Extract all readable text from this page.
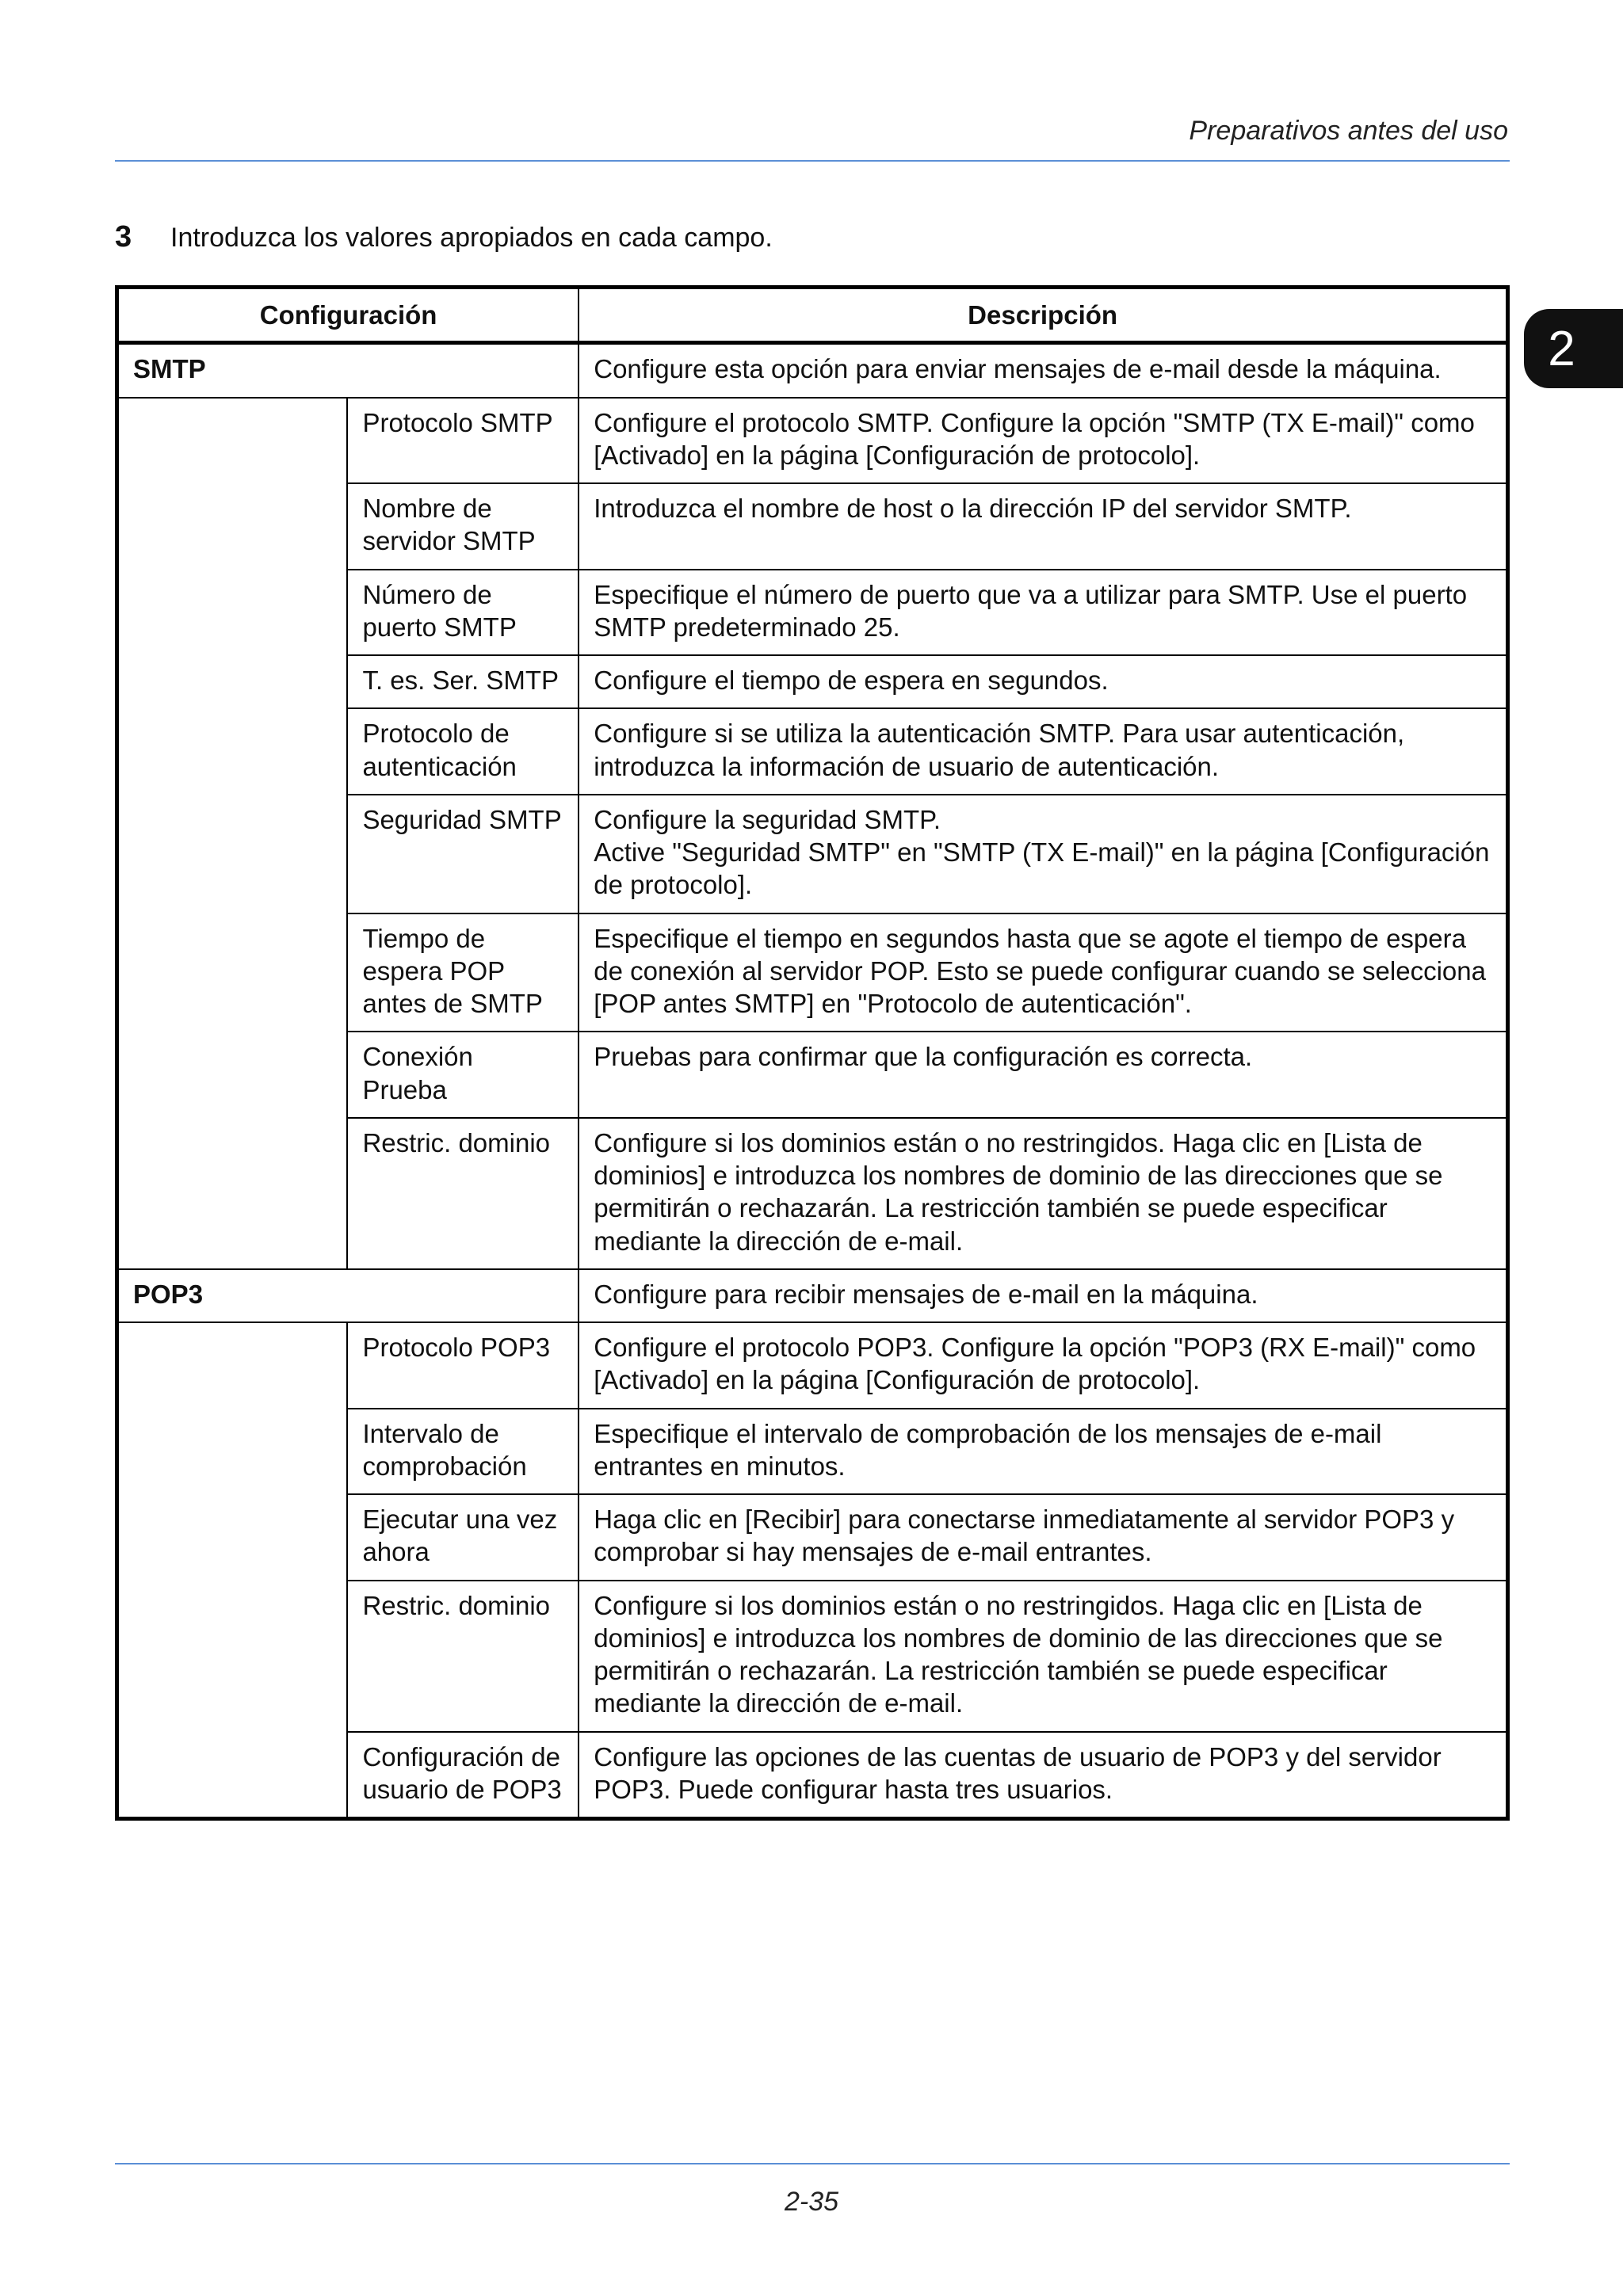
Preparativos antes del uso
2
3	Introduzca los valores apropiados en cada campo.
Configuración		Descripción
SMTP		Configure esta opción para enviar mensajes de e-mail desde la máquina.
	Protocolo SMTP	Configure el protocolo SMTP. Configure la opción "SMTP (TX E-mail)" como [Activado] en la página [Configuración de protocolo].
	Nombre de servidor SMTP	Introduzca el nombre de host o la dirección IP del servidor SMTP.
	Número de puerto SMTP	Especifique el número de puerto que va a utilizar para SMTP. Use el puerto SMTP predeterminado 25.
	T. es. Ser. SMTP	Configure el tiempo de espera en segundos.
	Protocolo de autenticación	Configure si se utiliza la autenticación SMTP. Para usar autenticación, introduzca la información de usuario de autenticación.
	Seguridad SMTP	Configure la seguridad SMTP.
Active "Seguridad SMTP" en "SMTP (TX E-mail)" en la página [Configuración de protocolo].
	Tiempo de espera POP antes de SMTP	Especifique el tiempo en segundos hasta que se agote el tiempo de espera de conexión al servidor POP. Esto se puede configurar cuando se selecciona [POP antes SMTP] en "Protocolo de autenticación".
	Conexión Prueba	Pruebas para confirmar que la configuración es correcta.
	Restric. dominio	Configure si los dominios están o no restringidos. Haga clic en [Lista de dominios] e introduzca los nombres de dominio de las direcciones que se permitirán o rechazarán. La restricción también se puede especificar mediante la dirección de e-mail.
POP3		Configure para recibir mensajes de e-mail en la máquina.
	Protocolo POP3	Configure el protocolo POP3. Configure la opción "POP3 (RX E-mail)" como [Activado] en la página [Configuración de protocolo].
	Intervalo de comprobación	Especifique el intervalo de comprobación de los mensajes de e-mail entrantes en minutos.
	Ejecutar una vez ahora	Haga clic en [Recibir] para conectarse inmediatamente al servidor POP3 y comprobar si hay mensajes de e-mail entrantes.
	Restric. dominio	Configure si los dominios están o no restringidos. Haga clic en [Lista de dominios] e introduzca los nombres de dominio de las direcciones que se permitirán o rechazarán. La restricción también se puede especificar mediante la dirección de e-mail.
	Configuración de usuario de POP3	Configure las opciones de las cuentas de usuario de POP3 y del servidor POP3. Puede configurar hasta tres usuarios.
2-35
